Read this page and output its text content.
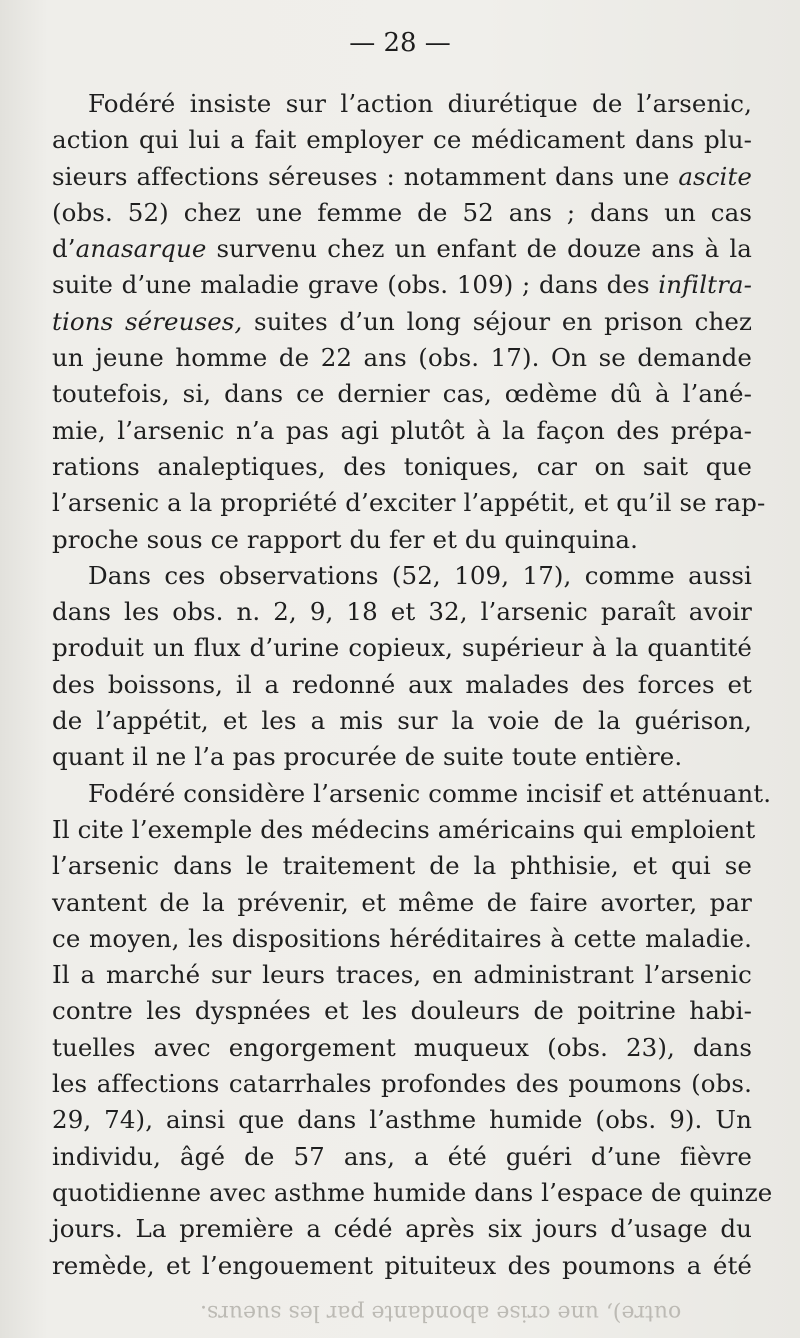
— 28 —
Fodéré insiste sur l’action diurétique de l’arsenic,
action qui lui a fait employer ce médicament dans plu-
sieurs affections séreuses : notamment dans une ascite
(obs. 52) chez une femme de 52 ans ; dans un cas
d’anasarque survenu chez un enfant de douze ans à la
suite d’une maladie grave (obs. 109) ; dans des infiltra-
tions séreuses, suites d’un long séjour en prison chez
un jeune homme de 22 ans (obs. 17). On se demande
toutefois, si, dans ce dernier cas, œdème dû à l’ané-
mie, l’arsenic n’a pas agi plutôt à la façon des prépa-
rations analeptiques, des toniques, car on sait que
l’arsenic a la propriété d’exciter l’appétit, et qu’il se rap-
proche sous ce rapport du fer et du quinquina.
Dans ces observations (52, 109, 17), comme aussi
dans les obs. n. 2, 9, 18 et 32, l’arsenic paraît avoir
produit un flux d’urine copieux, supérieur à la quantité
des boissons, il a redonné aux malades des forces et
de l’appétit, et les a mis sur la voie de la guérison,
quant il ne l’a pas procurée de suite toute entière.
Fodéré considère l’arsenic comme incisif et atténuant.
Il cite l’exemple des médecins américains qui emploient
l’arsenic dans le traitement de la phthisie, et qui se
vantent de la prévenir, et même de faire avorter, par
ce moyen, les dispositions héréditaires à cette maladie.
Il a marché sur leurs traces, en administrant l’arsenic
contre les dyspnées et les douleurs de poitrine habi-
tuelles avec engorgement muqueux (obs. 23), dans
les affections catarrhales profondes des poumons (obs.
29, 74), ainsi que dans l’asthme humide (obs. 9). Un
individu, âgé de 57 ans, a été guéri d’une fièvre
quotidienne avec asthme humide dans l’espace de quinze
jours. La première a cédé après six jours d’usage du
remède, et l’engouement pituiteux des poumons a été
outre), une crise abondante par les sueurs.
